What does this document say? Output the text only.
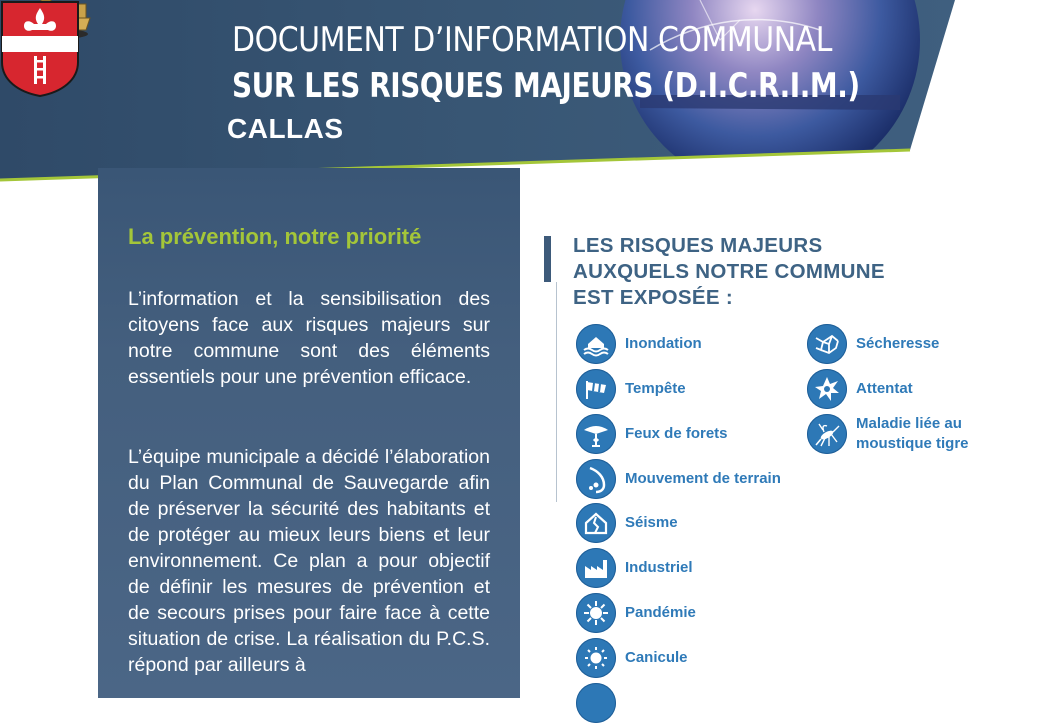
DOCUMENT D’INFORMATION COMMUNAL
SUR LES RISQUES MAJEURS (D.I.C.R.I.M.)
CALLAS
La prévention, notre priorité
L’information et la sensibilisation des citoyens face aux risques majeurs sur notre commune sont des éléments essentiels pour une prévention efficace.
L’équipe municipale a décidé l’élaboration du Plan Communal de Sauvegarde afin de préserver la sécurité des habitants et de protéger au mieux leurs biens et leur environnement. Ce plan a pour objectif de définir les mesures de prévention et de secours prises pour faire face à cette situation de crise. La réalisation du P.C.S. répond par ailleurs à
LES RISQUES MAJEURS
AUXQUELS NOTRE COMMUNE
EST EXPOSÉE :
Inondation
Tempête
Feux de forets
Mouvement de terrain
Séisme
Industriel
Pandémie
Canicule
Sécheresse
Attentat
Maladie liée au
moustique tigre
